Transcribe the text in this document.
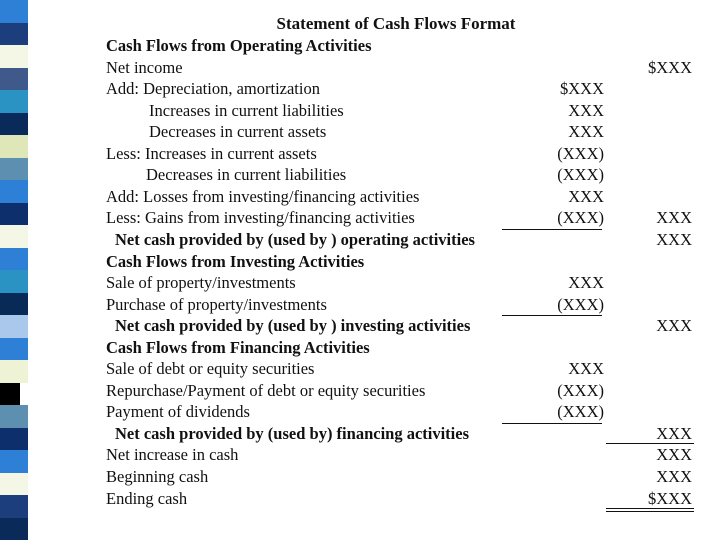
Statement of Cash Flows Format
Cash Flows from Operating Activities
Net income	$XXX
Add: Depreciation, amortization	$XXX
Increases in current liabilities	XXX
Decreases in current assets	XXX
Less: Increases in current assets	(XXX)
Decreases in current liabilities	(XXX)
Add: Losses from investing/financing activities	XXX
Less: Gains from investing/financing activities	(XXX)	XXX
Net cash provided by (used by ) operating activities	XXX
Cash Flows from Investing Activities
Sale of property/investments	XXX
Purchase of property/investments	(XXX)
Net cash provided by (used by ) investing activities	XXX
Cash Flows from Financing Activities
Sale of debt or equity securities	XXX
Repurchase/Payment of debt or equity securities	(XXX)
Payment of dividends	(XXX)
Net cash provided by (used by) financing activities	XXX
Net increase in cash	XXX
Beginning cash	XXX
Ending cash	$XXX
